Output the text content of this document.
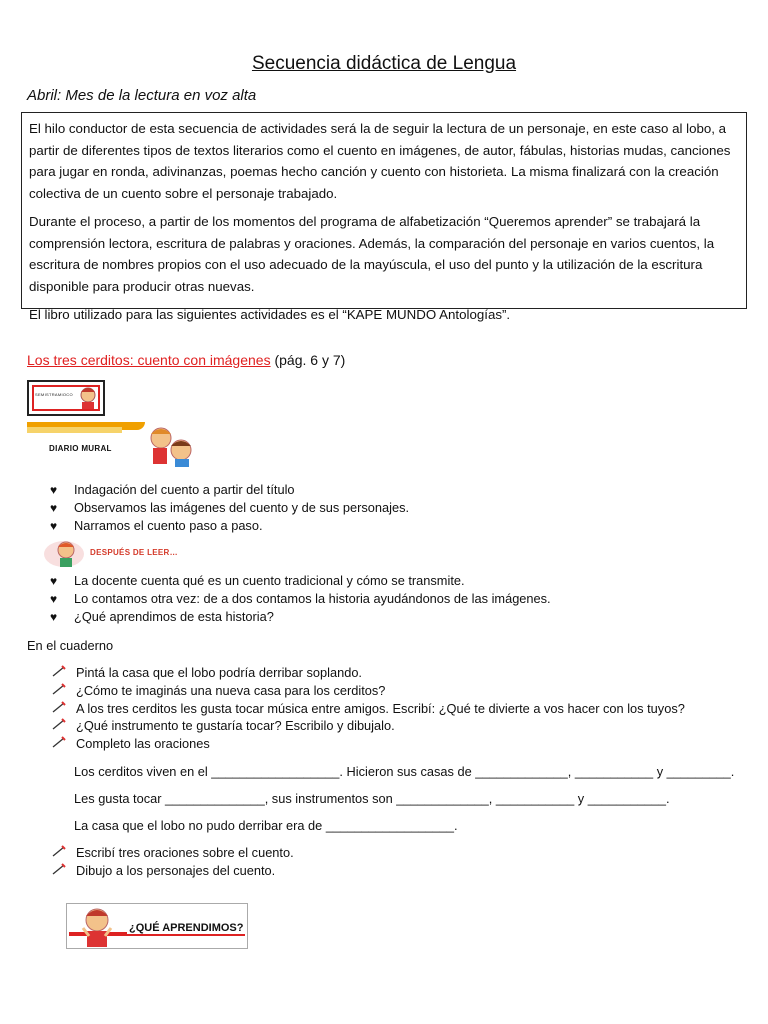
Secuencia didáctica de Lengua
Abril: Mes de la lectura en voz alta

El hilo conductor de esta secuencia de actividades será la de seguir la lectura de un personaje, en este caso al lobo, a partir de diferentes tipos de textos literarios como el cuento en imágenes, de autor, fábulas, historias mudas, canciones para jugar en ronda, adivinanzas, poemas hecho canción y cuento con historieta. La misma finalizará con la creación colectiva de un cuento sobre el personaje trabajado.

Durante el proceso, a partir de los momentos del programa de alfabetización “Queremos aprender” se trabajará la comprensión lectora, escritura de palabras y oraciones. Además, la comparación del personaje en varios cuentos, la escritura de nombres propios con el uso adecuado de la mayúscula, el uso del punto y la utilización de la escritura disponible para producir otras nuevas.

El libro utilizado para las siguientes actividades es el “KAPE MUNDO Antologías”.

Los tres cerditos: cuento con imágenes (pág. 6 y 7)
SEMISTRAMIOCO
DIARIO MURAL
♥ Indagación del cuento a partir del título
♥ Observamos las imágenes del cuento y de sus personajes.
♥ Narramos el cuento paso a paso.
DESPUÉS DE LEER…
♥ La docente cuenta qué es un cuento tradicional y cómo se transmite.
♥ Lo contamos otra vez: de a dos contamos la historia ayudándonos de las imágenes.
♥ ¿Qué aprendimos de esta historia?
En el cuaderno
Pintá la casa que el lobo podría derribar soplando.
¿Cómo te imaginás una nueva casa para los cerditos?
A los tres cerditos les gusta tocar música entre amigos. Escribí: ¿Qué te divierte a vos hacer con los tuyos?
¿Qué instrumento te gustaría tocar? Escribilo y dibujalo.
Completo las oraciones
Los cerditos viven en el __________________. Hicieron sus casas de _____________, ___________ y _________.
Les gusta tocar ______________, sus instrumentos son _____________, ___________ y ___________.
La casa que el lobo no pudo derribar era de __________________.
Escribí tres oraciones sobre el cuento.
Dibujo a los personajes del cuento.
¿QUÉ APRENDIMOS?
